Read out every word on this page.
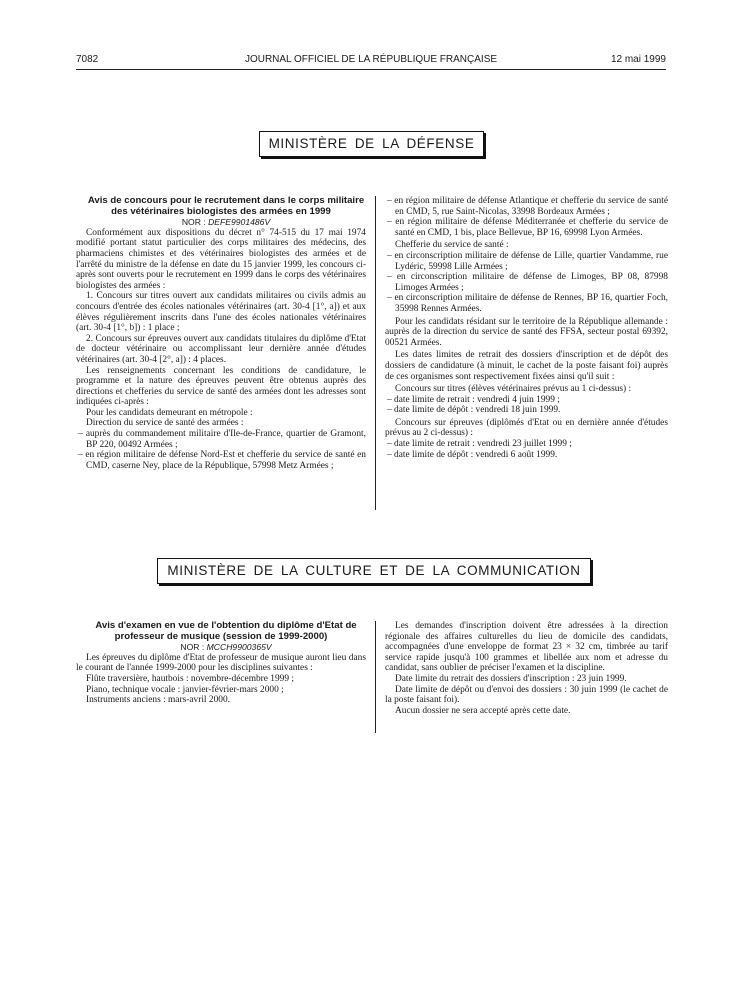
7082	JOURNAL OFFICIEL DE LA RÉPUBLIQUE FRANÇAISE	12 mai 1999
MINISTÈRE DE LA DÉFENSE

Avis de concours pour le recrutement dans le corps militaire des vétérinaires biologistes des armées en 1999

NOR : DEFE9901486V

Conformément aux dispositions du décret n° 74-515 du 17 mai 1974 modifié portant statut particulier des corps militaires des médecins, des pharmaciens chimistes et des vétérinaires biologistes des armées et de l'arrêté du ministre de la défense en date du 15 janvier 1999, les concours ci-après sont ouverts pour le recrutement en 1999 dans le corps des vétérinaires biologistes des armées :

1. Concours sur titres ouvert aux candidats militaires ou civils admis au concours d'entrée des écoles nationales vétérinaires (art. 30-4 [1°, a]) et aux élèves régulièrement inscrits dans l'une des écoles nationales vétérinaires (art. 30-4 [1°, b]) : 1 place ;

2. Concours sur épreuves ouvert aux candidats titulaires du diplôme d'Etat de docteur vétérinaire ou accomplissant leur dernière année d'études vétérinaires (art. 30-4 [2°, a]) : 4 places.

Les renseignements concernant les conditions de candidature, le programme et la nature des épreuves peuvent être obtenus auprès des directions et chefferies du service de santé des armées dont les adresses sont indiquées ci-après :

Pour les candidats demeurant en métropole :

Direction du service de santé des armées :

– auprès du commandement militaire d'Ile-de-France, quartier de Gramont, BP 220, 00492 Armées ;

– en région militaire de défense Nord-Est et chefferie du service de santé en CMD, caserne Ney, place de la République, 57998 Metz Armées ;

– en région militaire de défense Atlantique et chefferie du service de santé en CMD, 5, rue Saint-Nicolas, 33998 Bordeaux Armées ;

– en région militaire de défense Méditerranée et chefferie du service de santé en CMD, 1 bis, place Bellevue, BP 16, 69998 Lyon Armées.

Chefferie du service de santé :

– en circonscription militaire de défense de Lille, quartier Vandamme, rue Lydéric, 59998 Lille Armées ;

– en circonscription militaire de défense de Limoges, BP 08, 87998 Limoges Armées ;

– en circonscription militaire de défense de Rennes, BP 16, quartier Foch, 35998 Rennes Armées.

Pour les candidats résidant sur le territoire de la République allemande : auprès de la direction du service de santé des FFSA, secteur postal 69392, 00521 Armées.

Les dates limites de retrait des dossiers d'inscription et de dépôt des dossiers de candidature (à minuit, le cachet de la poste faisant foi) auprès de ces organismes sont respectivement fixées ainsi qu'il suit :

Concours sur titres (élèves vétérinaires prévus au 1 ci-dessus) :

– date limite de retrait : vendredi 4 juin 1999 ;

– date limite de dépôt : vendredi 18 juin 1999.

Concours sur épreuves (diplômés d'Etat ou en dernière année d'études prévus au 2 ci-dessus) :

– date limite de retrait : vendredi 23 juillet 1999 ;

– date limite de dépôt : vendredi 6 août 1999.

MINISTÈRE DE LA CULTURE ET DE LA COMMUNICATION

Avis d'examen en vue de l'obtention du diplôme d'Etat de professeur de musique (session de 1999-2000)

NOR : MCCH9900365V

Les épreuves du diplôme d'Etat de professeur de musique auront lieu dans le courant de l'année 1999-2000 pour les disciplines suivantes :

Flûte traversière, hautbois : novembre-décembre 1999 ;

Piano, technique vocale : janvier-février-mars 2000 ;

Instruments anciens : mars-avril 2000.

Les demandes d'inscription doivent être adressées à la direction régionale des affaires culturelles du lieu de domicile des candidats, accompagnées d'une enveloppe de format 23 × 32 cm, timbrée au tarif service rapide jusqu'à 100 grammes et libellée aux nom et adresse du candidat, sans oublier de préciser l'examen et la discipline.

Date limite du retrait des dossiers d'inscription : 23 juin 1999.

Date limite de dépôt ou d'envoi des dossiers : 30 juin 1999 (le cachet de la poste faisant foi).

Aucun dossier ne sera accepté après cette date.
